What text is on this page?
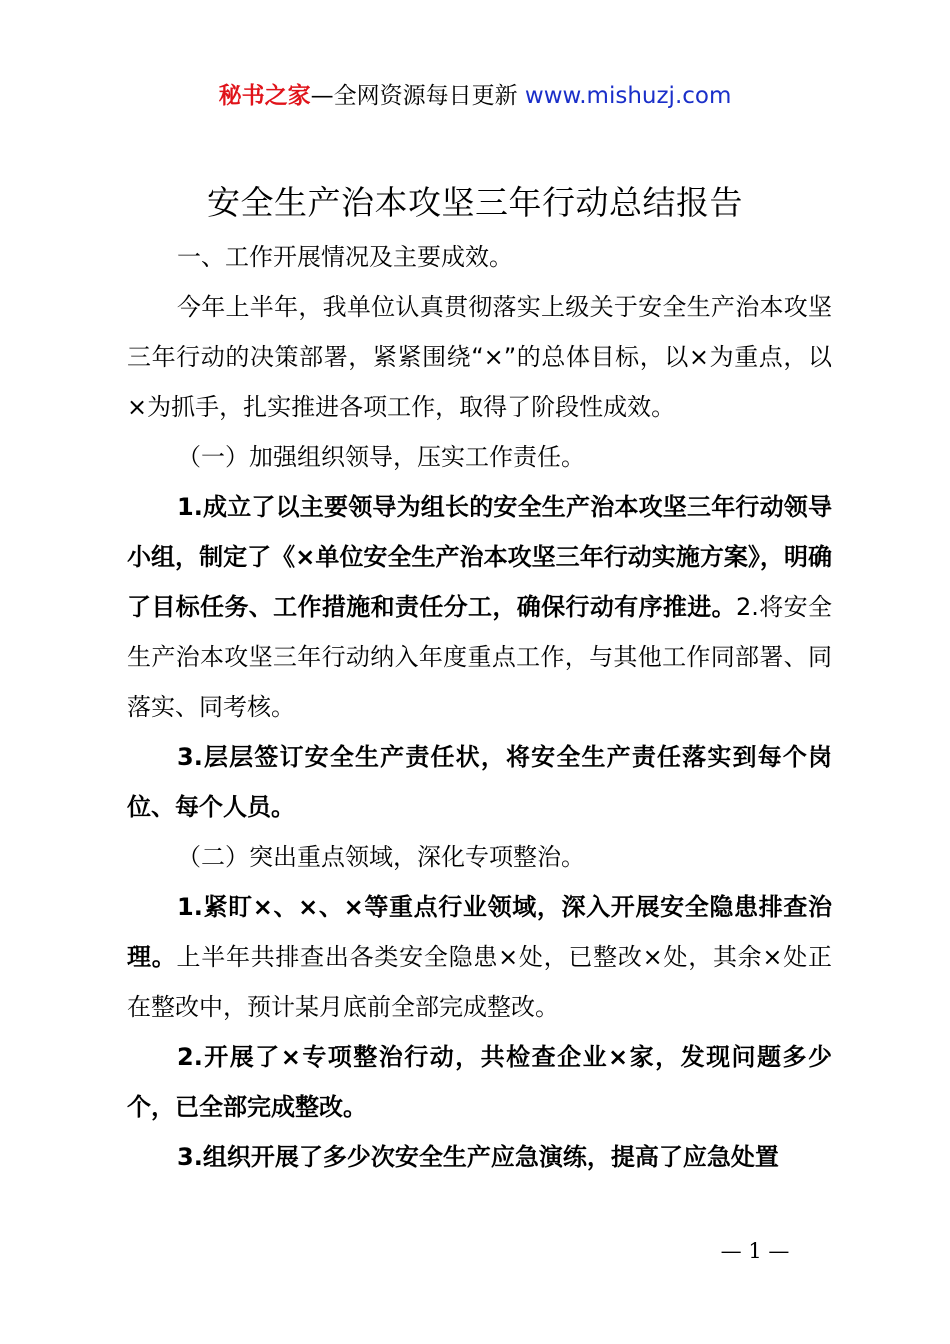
秘书之家—全网资源每日更新 www.mishuzj.com
安全生产治本攻坚三年行动总结报告

一、工作开展情况及主要成效。

今年上半年，我单位认真贯彻落实上级关于安全生产治本攻坚三年行动的决策部署，紧紧围绕“×”的总体目标，以×为重点，以×为抓手，扎实推进各项工作，取得了阶段性成效。

（一）加强组织领导，压实工作责任。

1.成立了以主要领导为组长的安全生产治本攻坚三年行动领导小组，制定了《×单位安全生产治本攻坚三年行动实施方案》，明确了目标任务、工作措施和责任分工，确保行动有序推进。2.将安全生产治本攻坚三年行动纳入年度重点工作，与其他工作同部署、同落实、同考核。

3.层层签订安全生产责任状，将安全生产责任落实到每个岗位、每个人员。

（二）突出重点领域，深化专项整治。

1.紧盯×、×、×等重点行业领域，深入开展安全隐患排查治理。上半年共排查出各类安全隐患×处，已整改×处，其余×处正在整改中，预计某月底前全部完成整改。

2.开展了×专项整治行动，共检查企业×家，发现问题多少个，已全部完成整改。

3.组织开展了多少次安全生产应急演练，提高了应急处置

— 1 —
